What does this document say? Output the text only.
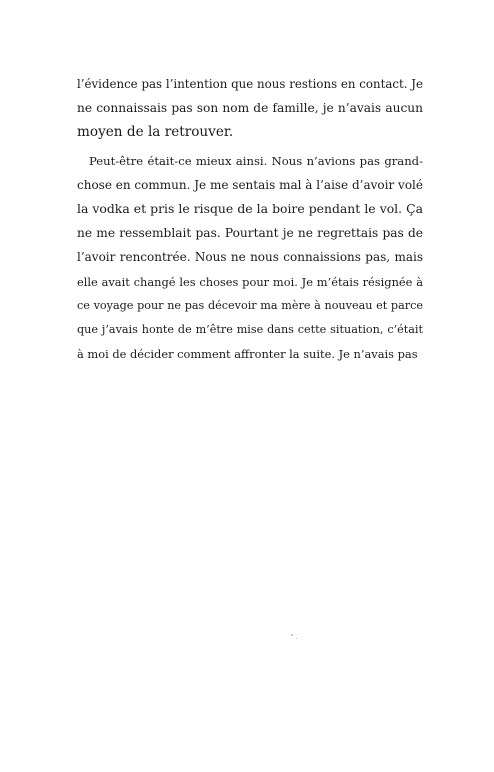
l’évidence pas l’intention que nous restions en contact. Je
ne connaissais pas son nom de famille, je n’avais aucun
moyen de la retrouver.
Peut-être était-ce mieux ainsi. Nous n’avions pas grand-
chose en commun. Je me sentais mal à l’aise d’avoir volé
la vodka et pris le risque de la boire pendant le vol. Ça
ne me ressemblait pas. Pourtant je ne regrettais pas de
l’avoir rencontrée. Nous ne nous connaissions pas, mais
elle avait changé les choses pour moi. Je m’étais résignée à
ce voyage pour ne pas décevoir ma mère à nouveau et parce
que j’avais honte de m’être mise dans cette situation, c’était
à moi de décider comment affronter la suite. Je n’avais pas
